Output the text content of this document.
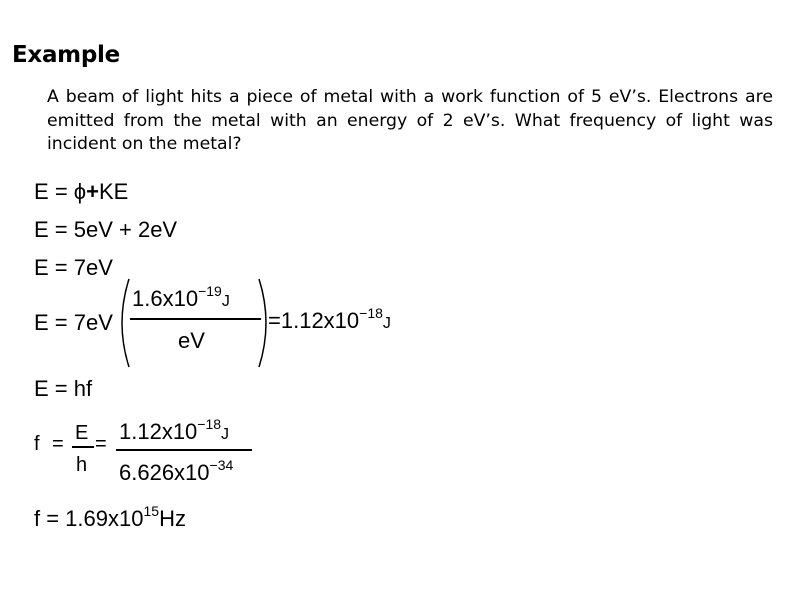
Example
A beam of light hits a piece of metal with a work function of 5 eV’s. Electrons are emitted from the metal with an energy of 2 eV’s. What frequency of light was incident on the metal?
E = ϕ+KE
E = 5eV + 2eV
E = 7eV
E = 7eV
$1.6x10^{-19}J$
eV
$=1.12x10^{-18}J$
E = hf
f = E
h
= $1.12x10^{-18}J$
$6.626x10^{-34}$
$f = 1.69x10^{15}Hz$
